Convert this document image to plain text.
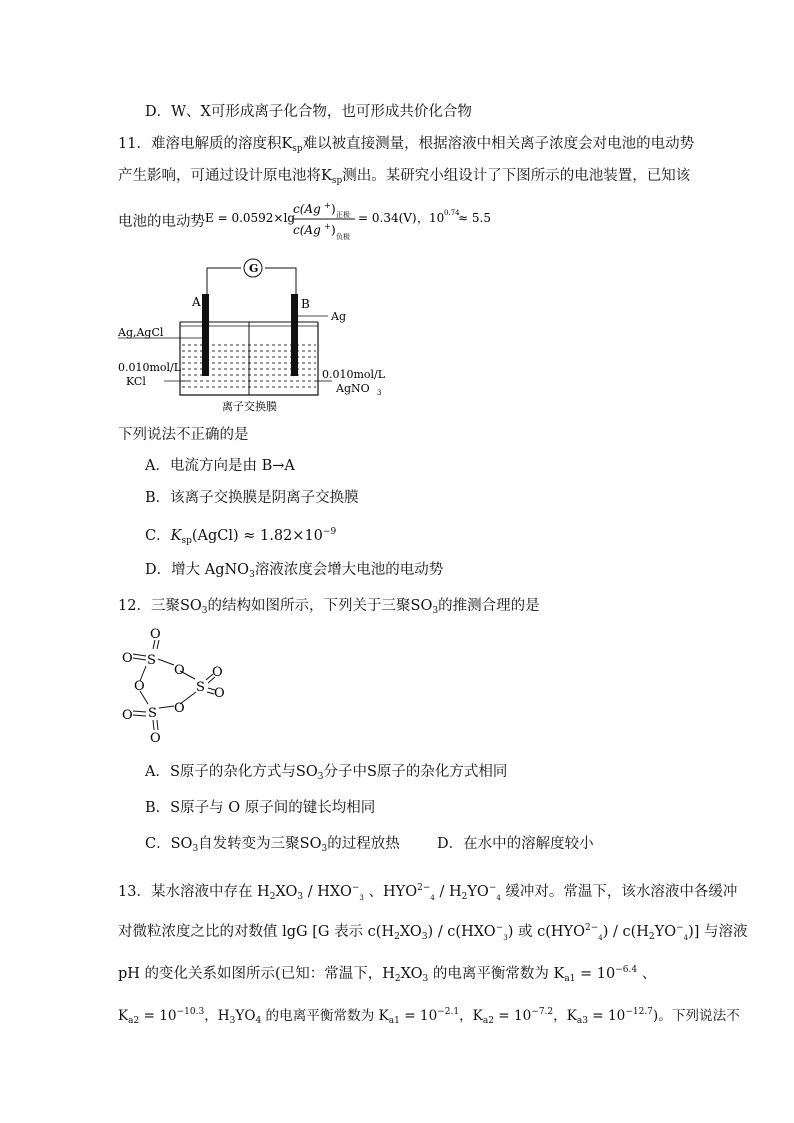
D．W、X可形成离子化合物，也可形成共价化合物
11．难溶电解质的溶度积$K_{sp}$难以被直接测量，根据溶液中相关离子浓度会对电池的电动势
产生影响，可通过设计原电池将$K_{sp}$测出。某研究小组设计了下图所示的电池装置，已知该
电池的电动势 E = 0.0592×lg
c(Ag + ) 正极
c(Ag + ) 负极
= 0.34(V) ，10 0.74
≈ 5.5
G
A	B
Ag,AgCl
0.010mol/L
KCl
Ag
0.010mol/L
AgNO 3
离子交换膜
下列说法不正确的是
A．电流方向是由 B→A
B．该离子交换膜是阴离子交换膜
C．$K_{sp}(AgCl) \approx 1.82\times 10^{-9}$
D．增大 AgNO$_3$溶液浓度会增大电池的电动势
12．三聚$SO_3$的结构如图所示，下列关于三聚$SO_3$的推测合理的是
O
O
S
O O
S O
O
S O
O
O
A．S原子的杂化方式与$SO_3$分子中S原子的杂化方式相同
B．S原子与 O 原子间的键长均相同
C．$SO_3$自发转变为三聚$SO_3$的过程放热	D．在水中的溶解度较小
13．某水溶液中存在 $H_2XO_3 / HXO^-_3$ 、$HYO^{2-}_4 / H_2YO^-_4$ 缓冲对。常温下，该水溶液中各缓冲
对微粒浓度之比的对数值 lgG [G 表示 $c(H_2XO_3) / c(HXO^-_3)$ 或 $c(HYO^{2-}_4) / c(H_2YO^-_4)$] 与溶液
pH 的变化关系如图所示(已知：常温下，$H_2XO_3$ 的电离平衡常数为 $K_{a1} = 10^{-6.4}$ 、
$K_{a2} = 10^{-10.3}$，$H_3YO_4$ 的电离平衡常数为 $K_{a1} = 10^{-2.1}$，$K_{a2} = 10^{-7.2}$，$K_{a3} = 10^{-12.7}$)。下列说法不
